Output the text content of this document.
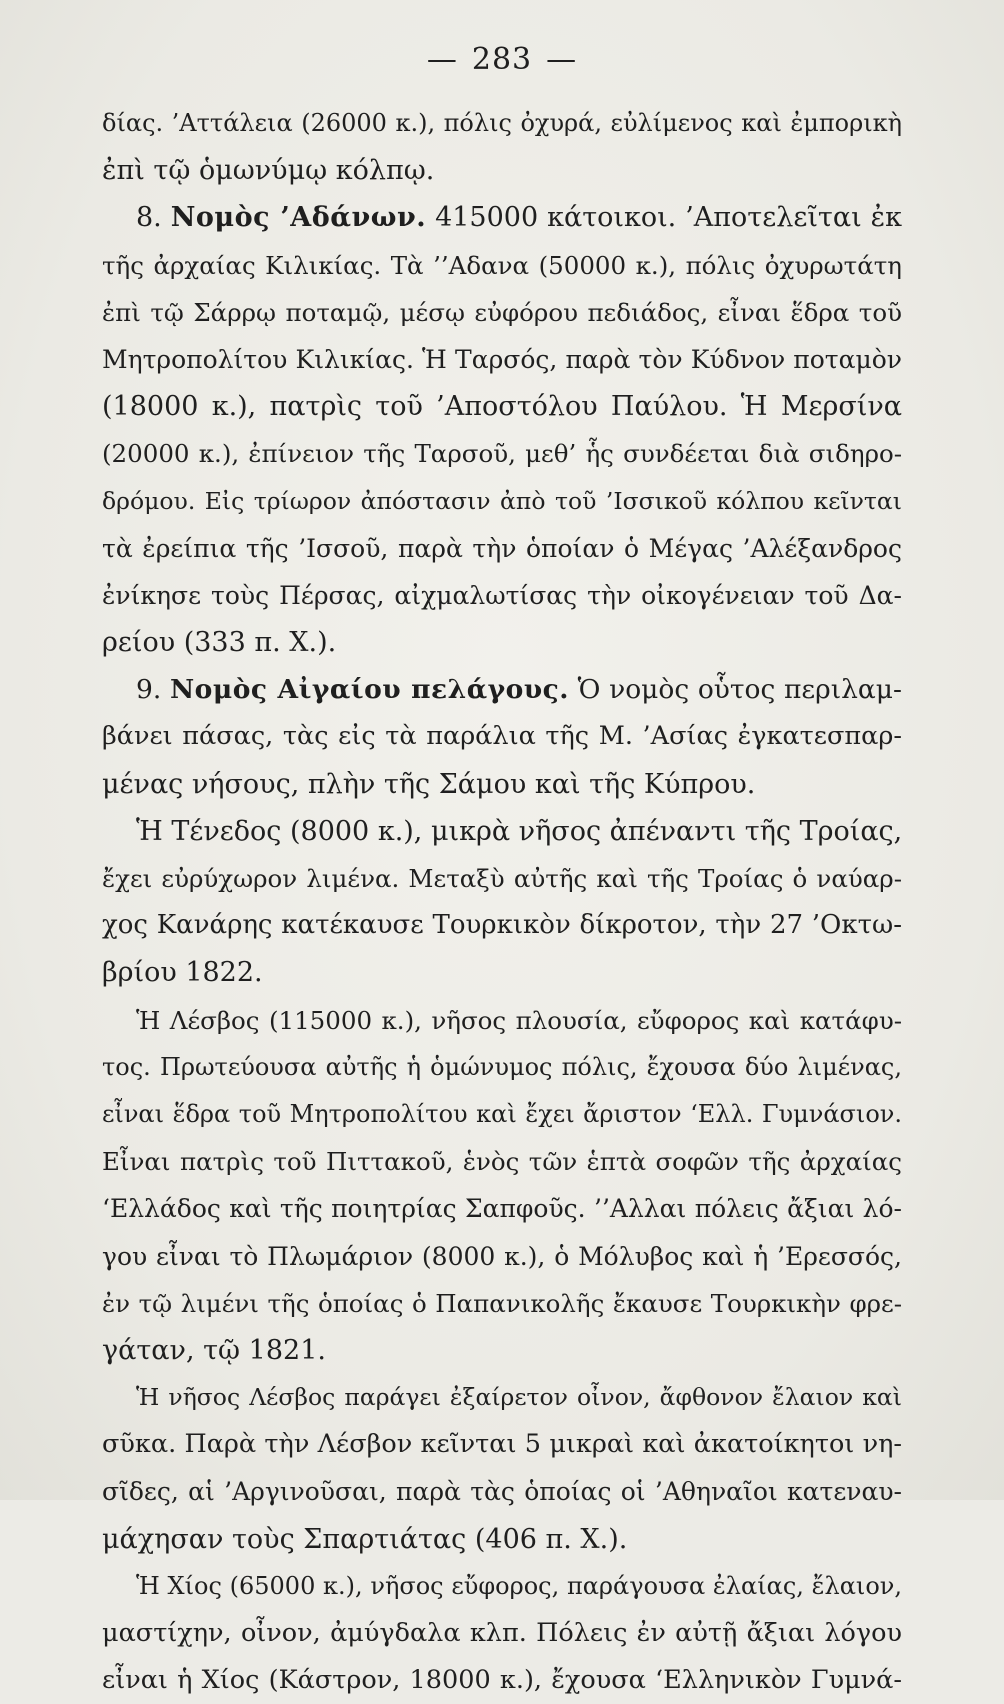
— 283 —
δίας. ’Αττάλεια (26000 κ.), πόλις ὀχυρά, εὐλίμενος καὶ ἐμπορικὴ
ἐπὶ τῷ ὁμωνύμῳ κόλπῳ.
8. Νομὸς ’Αδάνων. 415000 κάτοικοι. ’Αποτελεῖται ἐκ
τῆς ἀρχαίας Κιλικίας. Τὰ ’’Αδανα (50000 κ.), πόλις ὀχυρωτάτη
ἐπὶ τῷ Σάρρῳ ποταμῷ, μέσῳ εὐφόρου πεδιάδος, εἶναι ἕδρα τοῦ
Μητροπολίτου Κιλικίας. Ἡ Ταρσός, παρὰ τὸν Κύδνον ποταμὸν
(18000 κ.), πατρὶς τοῦ ’Αποστόλου Παύλου. Ἡ Μερσίνα
(20000 κ.), ἐπίνειον τῆς Ταρσοῦ, μεθ’ ἧς συνδέεται διὰ σιδηρο-
δρόμου. Εἰς τρίωρον ἀπόστασιν ἀπὸ τοῦ ’Ισσικοῦ κόλπου κεῖνται
τὰ ἐρείπια τῆς ’Ισσοῦ, παρὰ τὴν ὁποίαν ὁ Μέγας ’Αλέξανδρος
ἐνίκησε τοὺς Πέρσας, αἰχμαλωτίσας τὴν οἰκογένειαν τοῦ Δα-
ρείου (333 π. Χ.).
9. Νομὸς Αἰγαίου πελάγους. Ὁ νομὸς οὗτος περιλαμ-
βάνει πάσας, τὰς εἰς τὰ παράλια τῆς Μ. ’Ασίας ἐγκατεσπαρ-
μένας νήσους, πλὴν τῆς Σάμου καὶ τῆς Κύπρου.
Ἡ Τένεδος (8000 κ.), μικρὰ νῆσος ἀπέναντι τῆς Τροίας,
ἔχει εὐρύχωρον λιμένα. Μεταξὺ αὐτῆς καὶ τῆς Τροίας ὁ ναύαρ-
χος Κανάρης κατέκαυσε Τουρκικὸν δίκροτον, τὴν 27 ’Οκτω-
βρίου 1822.
Ἡ Λέσβος (115000 κ.), νῆσος πλουσία, εὔφορος καὶ κατάφυ-
τος. Πρωτεύουσα αὐτῆς ἡ ὁμώνυμος πόλις, ἔχουσα δύο λιμένας,
εἶναι ἕδρα τοῦ Μητροπολίτου καὶ ἔχει ἄριστον ‘Ελλ. Γυμνάσιον.
Εἶναι πατρὶς τοῦ Πιττακοῦ, ἑνὸς τῶν ἑπτὰ σοφῶν τῆς ἀρχαίας
‘Ελλάδος καὶ τῆς ποιητρίας Σαπφοῦς. ’’Αλλαι πόλεις ἄξιαι λό-
γου εἶναι τὸ Πλωμάριον (8000 κ.), ὁ Μόλυβος καὶ ἡ ’Ερεσσός,
ἐν τῷ λιμένι τῆς ὁποίας ὁ Παπανικολῆς ἔκαυσε Τουρκικὴν φρε-
γάταν, τῷ 1821.
Ἡ νῆσος Λέσβος παράγει ἐξαίρετον οἶνον, ἄφθονον ἔλαιον καὶ
σῦκα. Παρὰ τὴν Λέσβον κεῖνται 5 μικραὶ καὶ ἀκατοίκητοι νη-
σῖδες, αἱ ’Αργινοῦσαι, παρὰ τὰς ὁποίας οἱ ’Αθηναῖοι κατεναυ-
μάχησαν τοὺς Σπαρτιάτας (406 π. Χ.).
Ἡ Χίος (65000 κ.), νῆσος εὔφορος, παράγουσα ἐλαίας, ἔλαιον,
μαστίχην, οἶνον, ἀμύγδαλα κλπ. Πόλεις ἐν αὐτῇ ἄξιαι λόγου
εἶναι ἡ Χίος (Κάστρον, 18000 κ.), ἔχουσα ‘Ελληνικὸν Γυμνά-
